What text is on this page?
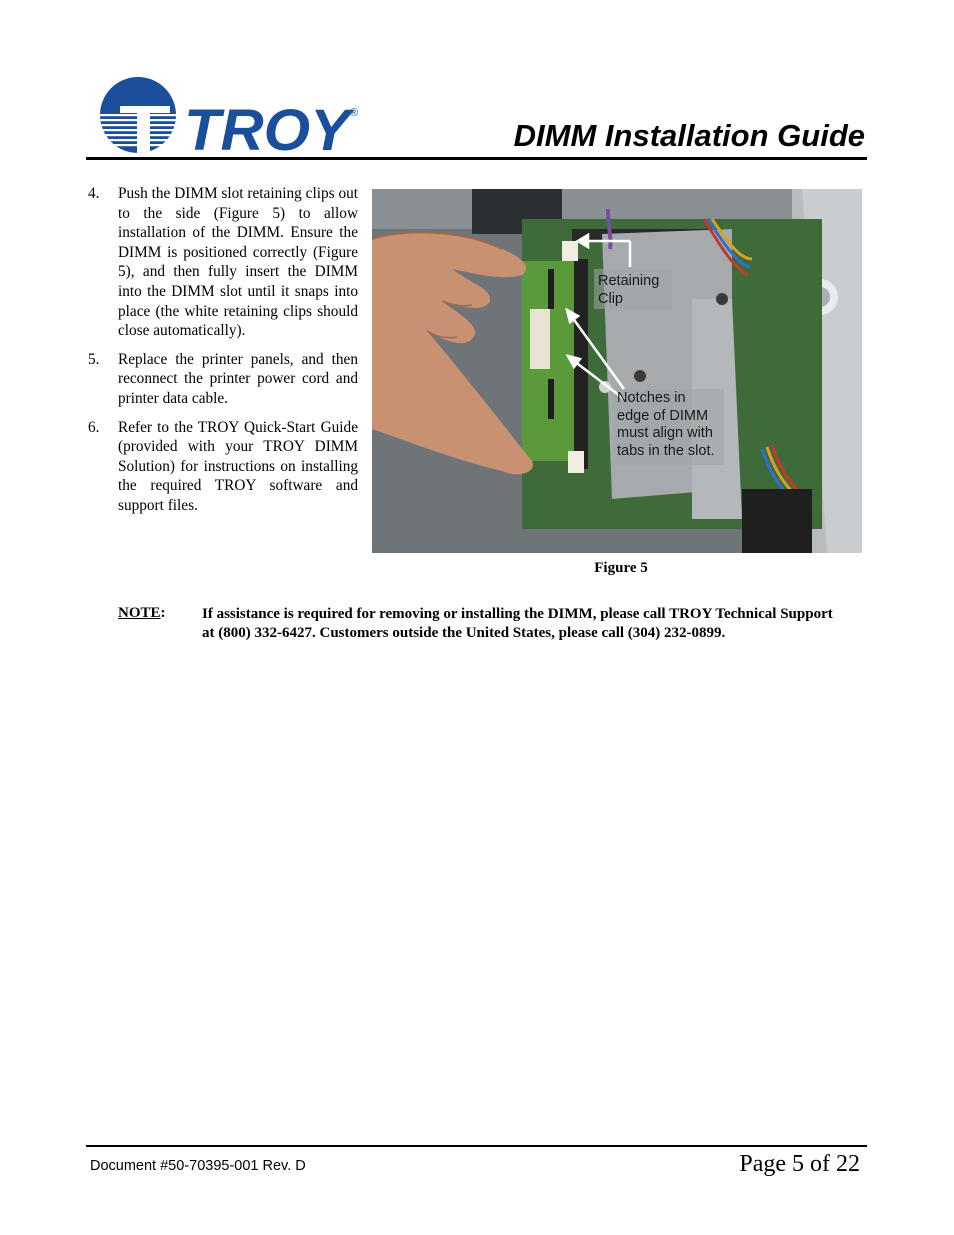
TROY
®
DIMM Installation Guide
4. Push the DIMM slot retaining clips out to the side (Figure 5) to allow installation of the DIMM. Ensure the DIMM is positioned correctly (Figure 5), and then fully insert the DIMM into the DIMM slot until it snaps into place (the white retaining clips should close automatically).
5. Replace the printer panels, and then reconnect the printer power cord and printer data cable.
6. Refer to the TROY Quick-Start Guide (provided with your TROY DIMM Solution) for instructions on installing the required TROY software and support files.
Retaining
Clip
Notches in
edge of DIMM
must align with
tabs in the slot.
Figure 5
NOTE: If assistance is required for removing or installing the DIMM, please call TROY Technical Support at (800) 332-6427. Customers outside the United States, please call (304) 232-0899.
Document #50-70395-001 Rev. D	Page 5 of 22
